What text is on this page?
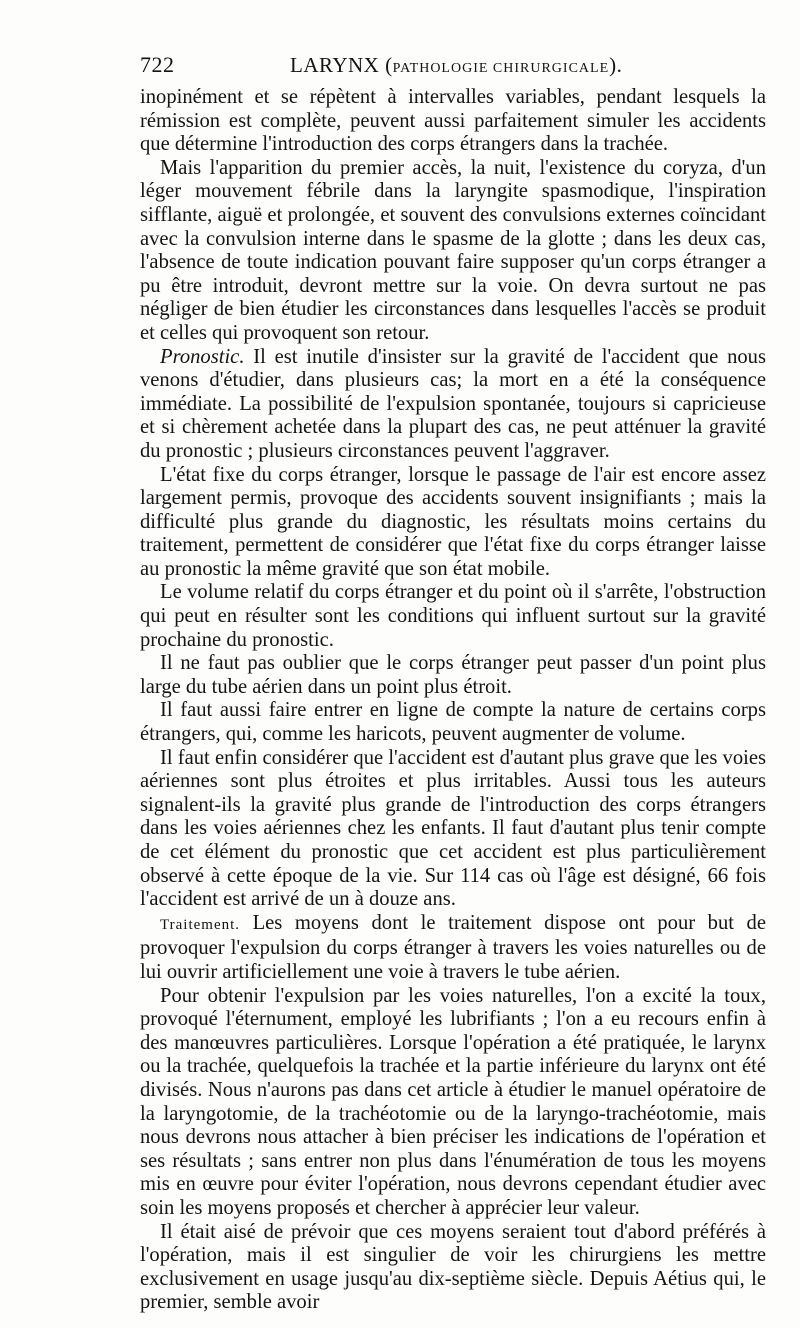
722	LARYNX (PATHOLOGIE CHIRURGICALE).

inopinément et se répètent à intervalles variables, pendant lesquels la rémission est complète, peuvent aussi parfaitement simuler les accidents que détermine l'introduction des corps étrangers dans la trachée.

Mais l'apparition du premier accès, la nuit, l'existence du coryza, d'un léger mouvement fébrile dans la laryngite spasmodique, l'inspiration sifflante, aiguë et prolongée, et souvent des convulsions externes coïncidant avec la convulsion interne dans le spasme de la glotte ; dans les deux cas, l'absence de toute indication pouvant faire supposer qu'un corps étranger a pu être introduit, devront mettre sur la voie. On devra surtout ne pas négliger de bien étudier les circonstances dans lesquelles l'accès se produit et celles qui provoquent son retour.

Pronostic. Il est inutile d'insister sur la gravité de l'accident que nous venons d'étudier, dans plusieurs cas; la mort en a été la conséquence immédiate. La possibilité de l'expulsion spontanée, toujours si capricieuse et si chèrement achetée dans la plupart des cas, ne peut atténuer la gravité du pronostic ; plusieurs circonstances peuvent l'aggraver.

L'état fixe du corps étranger, lorsque le passage de l'air est encore assez largement permis, provoque des accidents souvent insignifiants ; mais la difficulté plus grande du diagnostic, les résultats moins certains du traitement, permettent de considérer que l'état fixe du corps étranger laisse au pronostic la même gravité que son état mobile.

Le volume relatif du corps étranger et du point où il s'arrête, l'obstruction qui peut en résulter sont les conditions qui influent surtout sur la gravité prochaine du pronostic.

Il ne faut pas oublier que le corps étranger peut passer d'un point plus large du tube aérien dans un point plus étroit.

Il faut aussi faire entrer en ligne de compte la nature de certains corps étrangers, qui, comme les haricots, peuvent augmenter de volume.

Il faut enfin considérer que l'accident est d'autant plus grave que les voies aériennes sont plus étroites et plus irritables. Aussi tous les auteurs signalent-ils la gravité plus grande de l'introduction des corps étrangers dans les voies aériennes chez les enfants. Il faut d'autant plus tenir compte de cet élément du pronostic que cet accident est plus particulièrement observé à cette époque de la vie. Sur 114 cas où l'âge est désigné, 66 fois l'accident est arrivé de un à douze ans.

Traitement. Les moyens dont le traitement dispose ont pour but de provoquer l'expulsion du corps étranger à travers les voies naturelles ou de lui ouvrir artificiellement une voie à travers le tube aérien.

Pour obtenir l'expulsion par les voies naturelles, l'on a excité la toux, provoqué l'éternument, employé les lubrifiants ; l'on a eu recours enfin à des manœuvres particulières. Lorsque l'opération a été pratiquée, le larynx ou la trachée, quelquefois la trachée et la partie inférieure du larynx ont été divisés. Nous n'aurons pas dans cet article à étudier le manuel opératoire de la laryngotomie, de la trachéotomie ou de la laryngo-trachéotomie, mais nous devrons nous attacher à bien préciser les indications de l'opération et ses résultats ; sans entrer non plus dans l'énumération de tous les moyens mis en œuvre pour éviter l'opération, nous devrons cependant étudier avec soin les moyens proposés et chercher à apprécier leur valeur.

Il était aisé de prévoir que ces moyens seraient tout d'abord préférés à l'opération, mais il est singulier de voir les chirurgiens les mettre exclusivement en usage jusqu'au dix-septième siècle. Depuis Aétius qui, le premier, semble avoir
